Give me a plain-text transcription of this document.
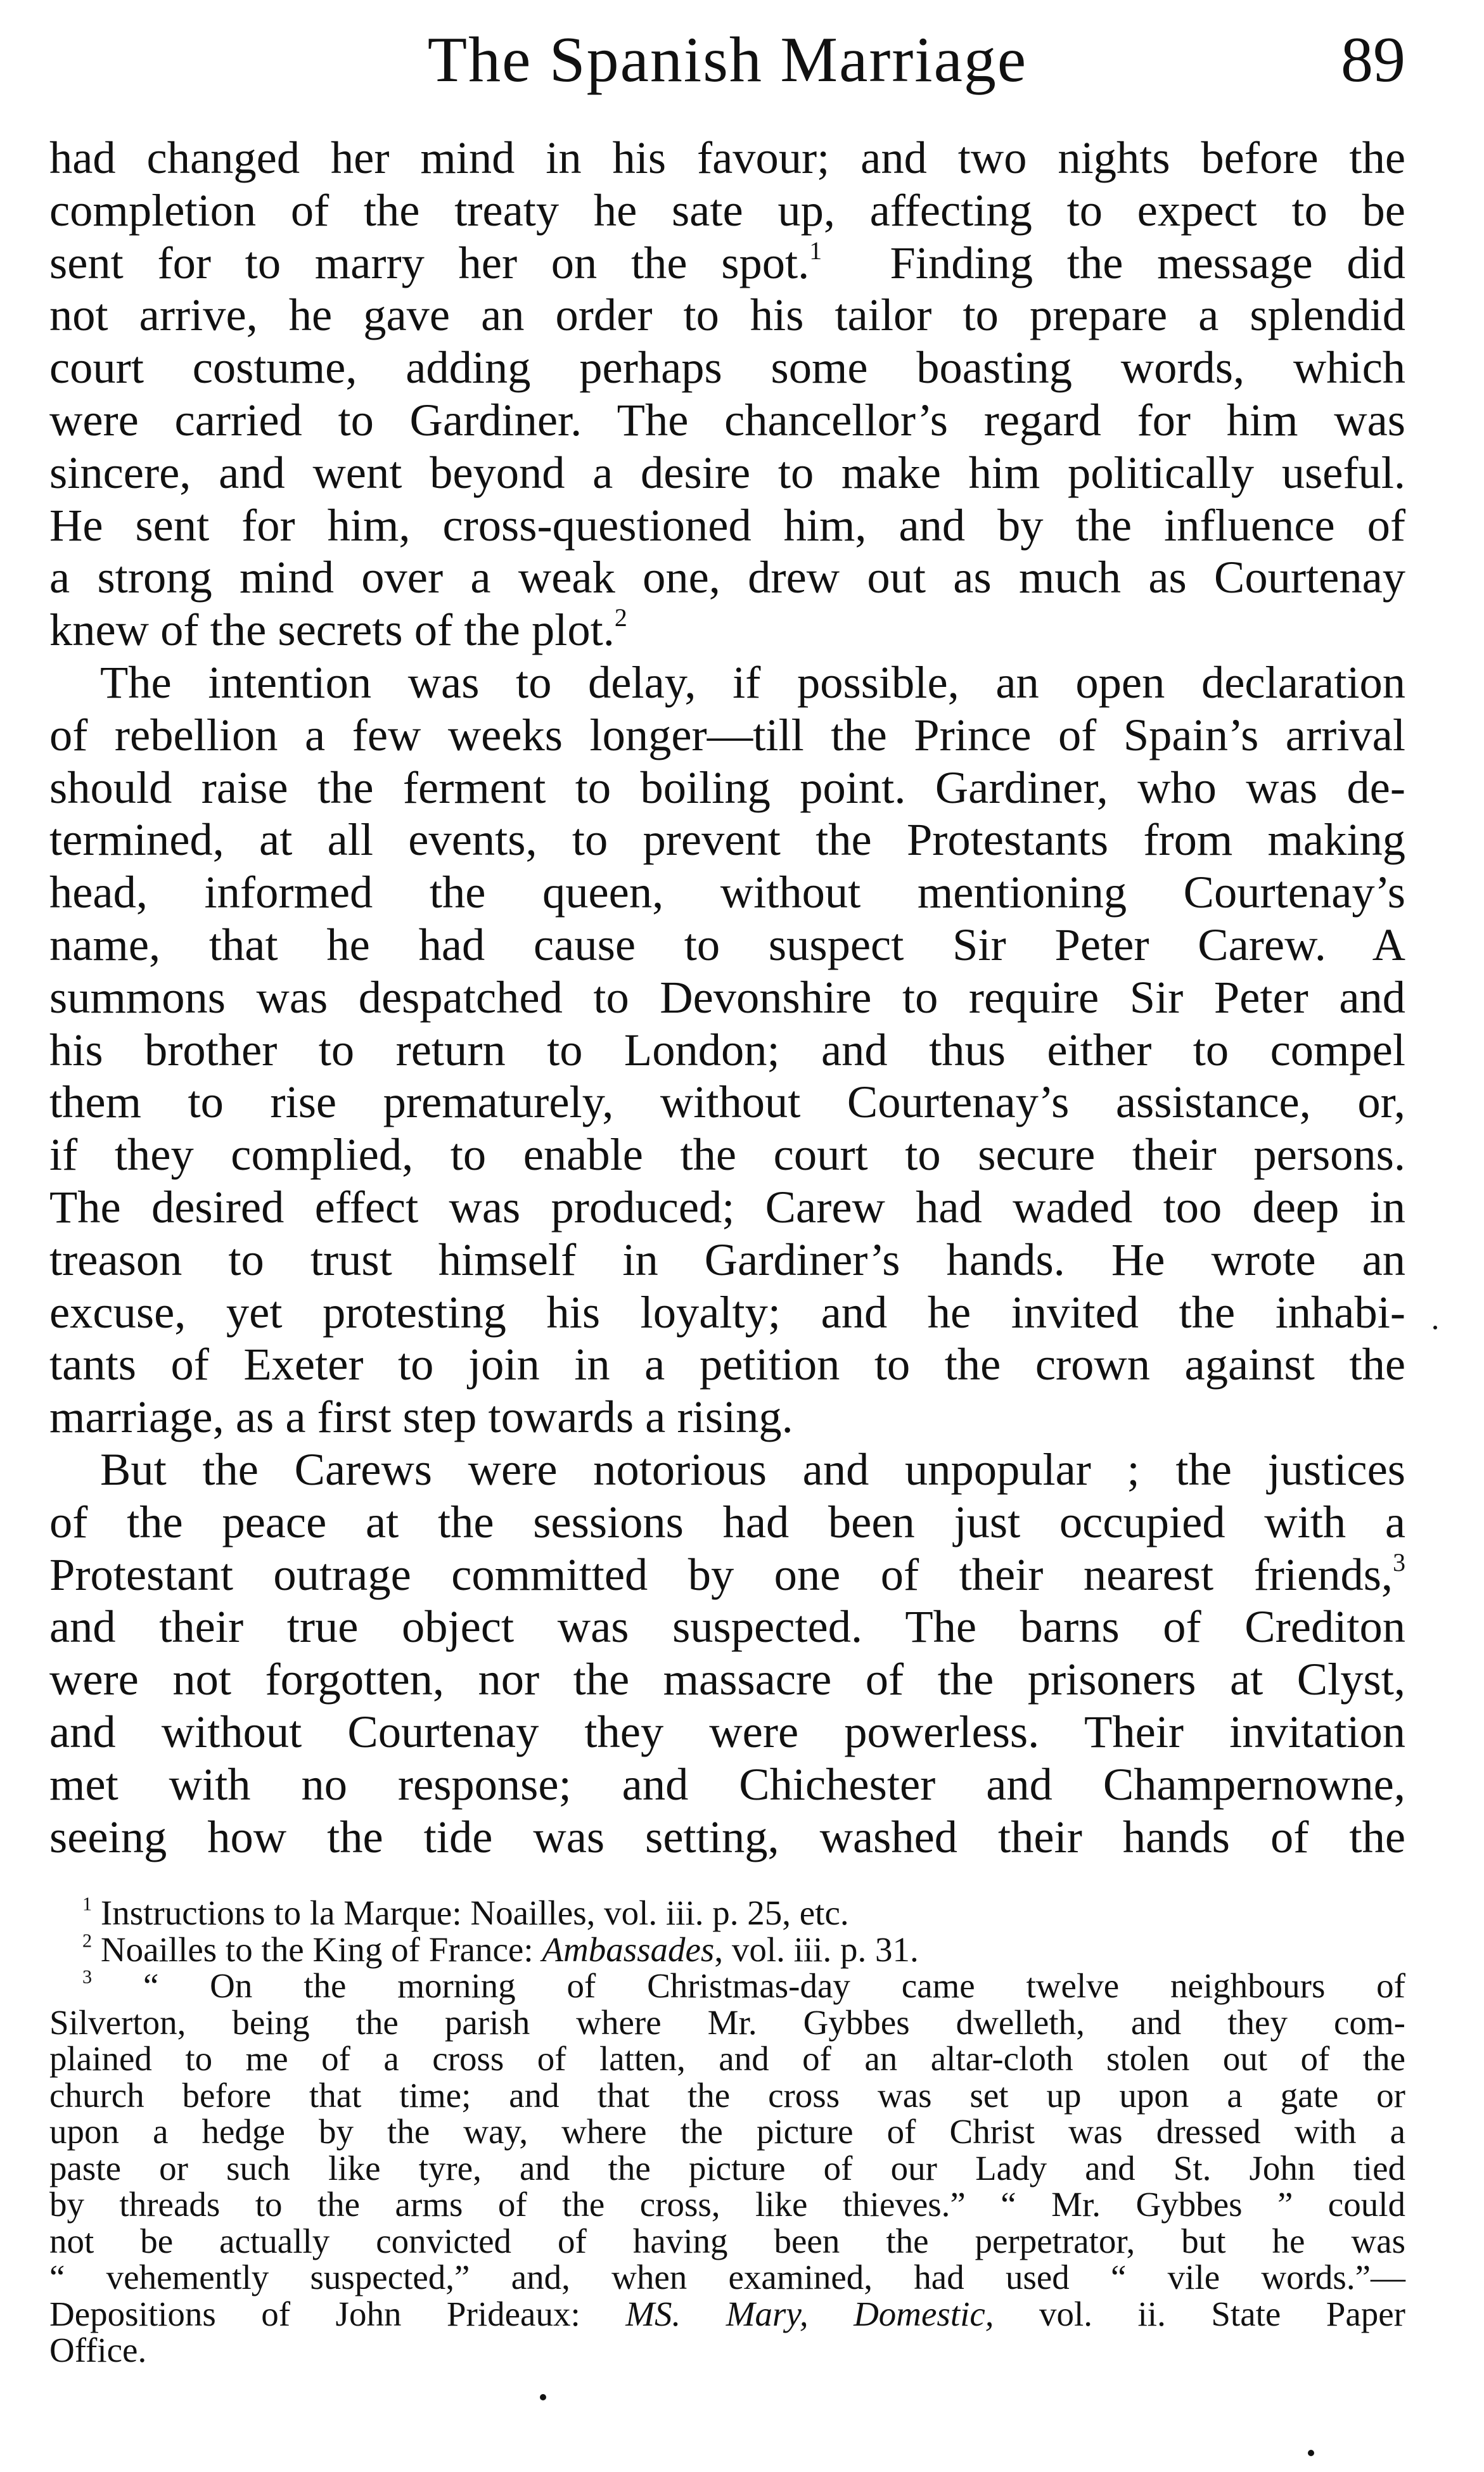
The Spanish Marriage	89
had changed her mind in his favour; and two nights before the
completion of the treaty he sate up, affecting to expect to be
sent for to marry her on the spot.$^1$ Finding the message did
not arrive, he gave an order to his tailor to prepare a splendid
court costume, adding perhaps some boasting words, which
were carried to Gardiner. The chancellor’s regard for him was
sincere, and went beyond a desire to make him politically useful.
He sent for him, cross-questioned him, and by the influence of
a strong mind over a weak one, drew out as much as Courtenay
knew of the secrets of the plot.$^2$
The intention was to delay, if possible, an open declaration
of rebellion a few weeks longer—till the Prince of Spain’s arrival
should raise the ferment to boiling point. Gardiner, who was de-
termined, at all events, to prevent the Protestants from making
head, informed the queen, without mentioning Courtenay’s
name, that he had cause to suspect Sir Peter Carew. A
summons was despatched to Devonshire to require Sir Peter and
his brother to return to London; and thus either to compel
them to rise prematurely, without Courtenay’s assistance, or,
if they complied, to enable the court to secure their persons.
The desired effect was produced; Carew had waded too deep in
treason to trust himself in Gardiner’s hands. He wrote an
excuse, yet protesting his loyalty; and he invited the inhabi-
tants of Exeter to join in a petition to the crown against the
marriage, as a first step towards a rising.
But the Carews were notorious and unpopular ; the justices
of the peace at the sessions had been just occupied with a
Protestant outrage committed by one of their nearest friends,$^3$
and their true object was suspected. The barns of Crediton
were not forgotten, nor the massacre of the prisoners at Clyst,
and without Courtenay they were powerless. Their invitation
met with no response; and Chichester and Champernowne,
seeing how the tide was setting, washed their hands of the
$^1$ Instructions to la Marque: Noailles, vol. iii. p. 25, etc.
$^2$ Noailles to the King of France: Ambassades, vol. iii. p. 31.
$^3$ “ On the morning of Christmas-day came twelve neighbours of
Silverton, being the parish where Mr. Gybbes dwelleth, and they com-
plained to me of a cross of latten, and of an altar-cloth stolen out of the
church before that time; and that the cross was set up upon a gate or
upon a hedge by the way, where the picture of Christ was dressed with a
paste or such like tyre, and the picture of our Lady and St. John tied
by threads to the arms of the cross, like thieves.” “ Mr. Gybbes ” could
not be actually convicted of having been the perpetrator, but he was
“ vehemently suspected,” and, when examined, had used “ vile words.”—
Depositions of John Prideaux: MS. Mary, Domestic, vol. ii. State Paper
Office.
